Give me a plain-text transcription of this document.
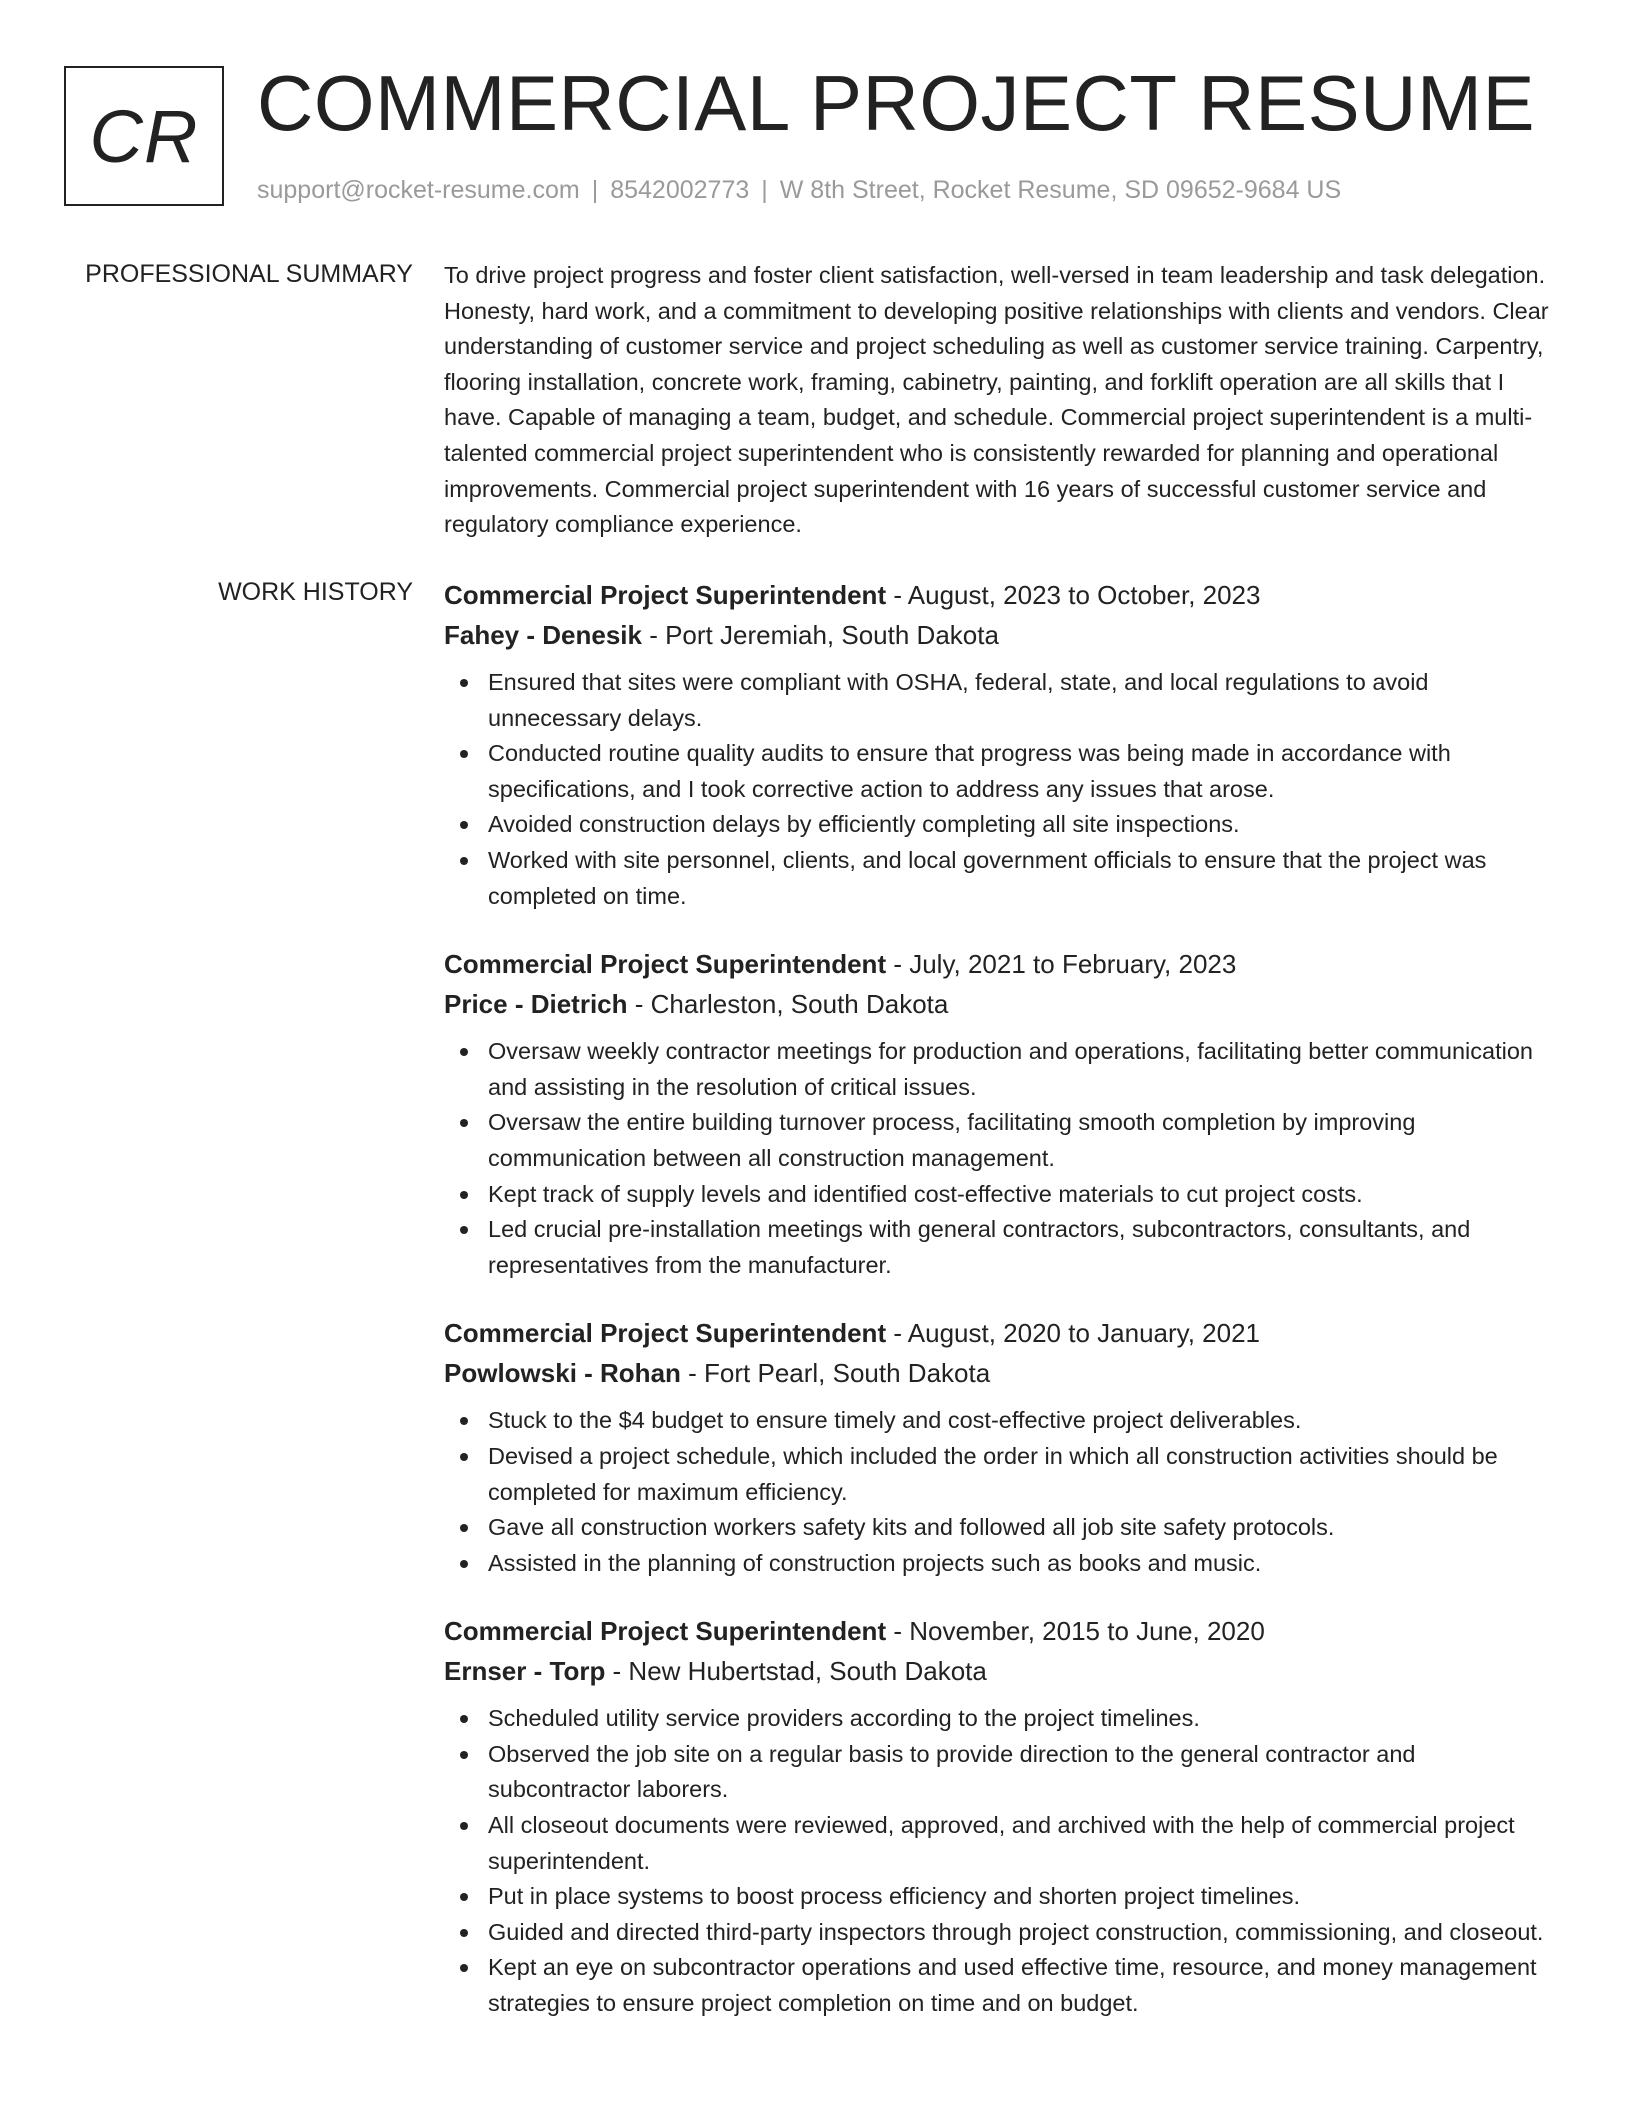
CR COMMERCIAL PROJECT RESUME
support@rocket-resume.com | 8542002773 | W 8th Street, Rocket Resume, SD 09652-9684 US
PROFESSIONAL SUMMARY To drive project progress and foster client satisfaction, well-versed in team leadership and task delegation. Honesty, hard work, and a commitment to developing positive relationships with clients and vendors. Clear understanding of customer service and project scheduling as well as customer service training. Carpentry, flooring installation, concrete work, framing, cabinetry, painting, and forklift operation are all skills that I have. Capable of managing a team, budget, and schedule. Commercial project superintendent is a multi-talented commercial project superintendent who is consistently rewarded for planning and operational improvements. Commercial project superintendent with 16 years of successful customer service and regulatory compliance experience.
WORK HISTORY Commercial Project Superintendent - August, 2023 to October, 2023
Fahey - Denesik - Port Jeremiah, South Dakota
Ensured that sites were compliant with OSHA, federal, state, and local regulations to avoid unnecessary delays.
Conducted routine quality audits to ensure that progress was being made in accordance with specifications, and I took corrective action to address any issues that arose.
Avoided construction delays by efficiently completing all site inspections.
Worked with site personnel, clients, and local government officials to ensure that the project was completed on time.
Commercial Project Superintendent - July, 2021 to February, 2023
Price - Dietrich - Charleston, South Dakota
Oversaw weekly contractor meetings for production and operations, facilitating better communication and assisting in the resolution of critical issues.
Oversaw the entire building turnover process, facilitating smooth completion by improving communication between all construction management.
Kept track of supply levels and identified cost-effective materials to cut project costs.
Led crucial pre-installation meetings with general contractors, subcontractors, consultants, and representatives from the manufacturer.
Commercial Project Superintendent - August, 2020 to January, 2021
Powlowski - Rohan - Fort Pearl, South Dakota
Stuck to the $4 budget to ensure timely and cost-effective project deliverables.
Devised a project schedule, which included the order in which all construction activities should be completed for maximum efficiency.
Gave all construction workers safety kits and followed all job site safety protocols.
Assisted in the planning of construction projects such as books and music.
Commercial Project Superintendent - November, 2015 to June, 2020
Ernser - Torp - New Hubertstad, South Dakota
Scheduled utility service providers according to the project timelines.
Observed the job site on a regular basis to provide direction to the general contractor and subcontractor laborers.
All closeout documents were reviewed, approved, and archived with the help of commercial project superintendent.
Put in place systems to boost process efficiency and shorten project timelines.
Guided and directed third-party inspectors through project construction, commissioning, and closeout.
Kept an eye on subcontractor operations and used effective time, resource, and money management strategies to ensure project completion on time and on budget.
